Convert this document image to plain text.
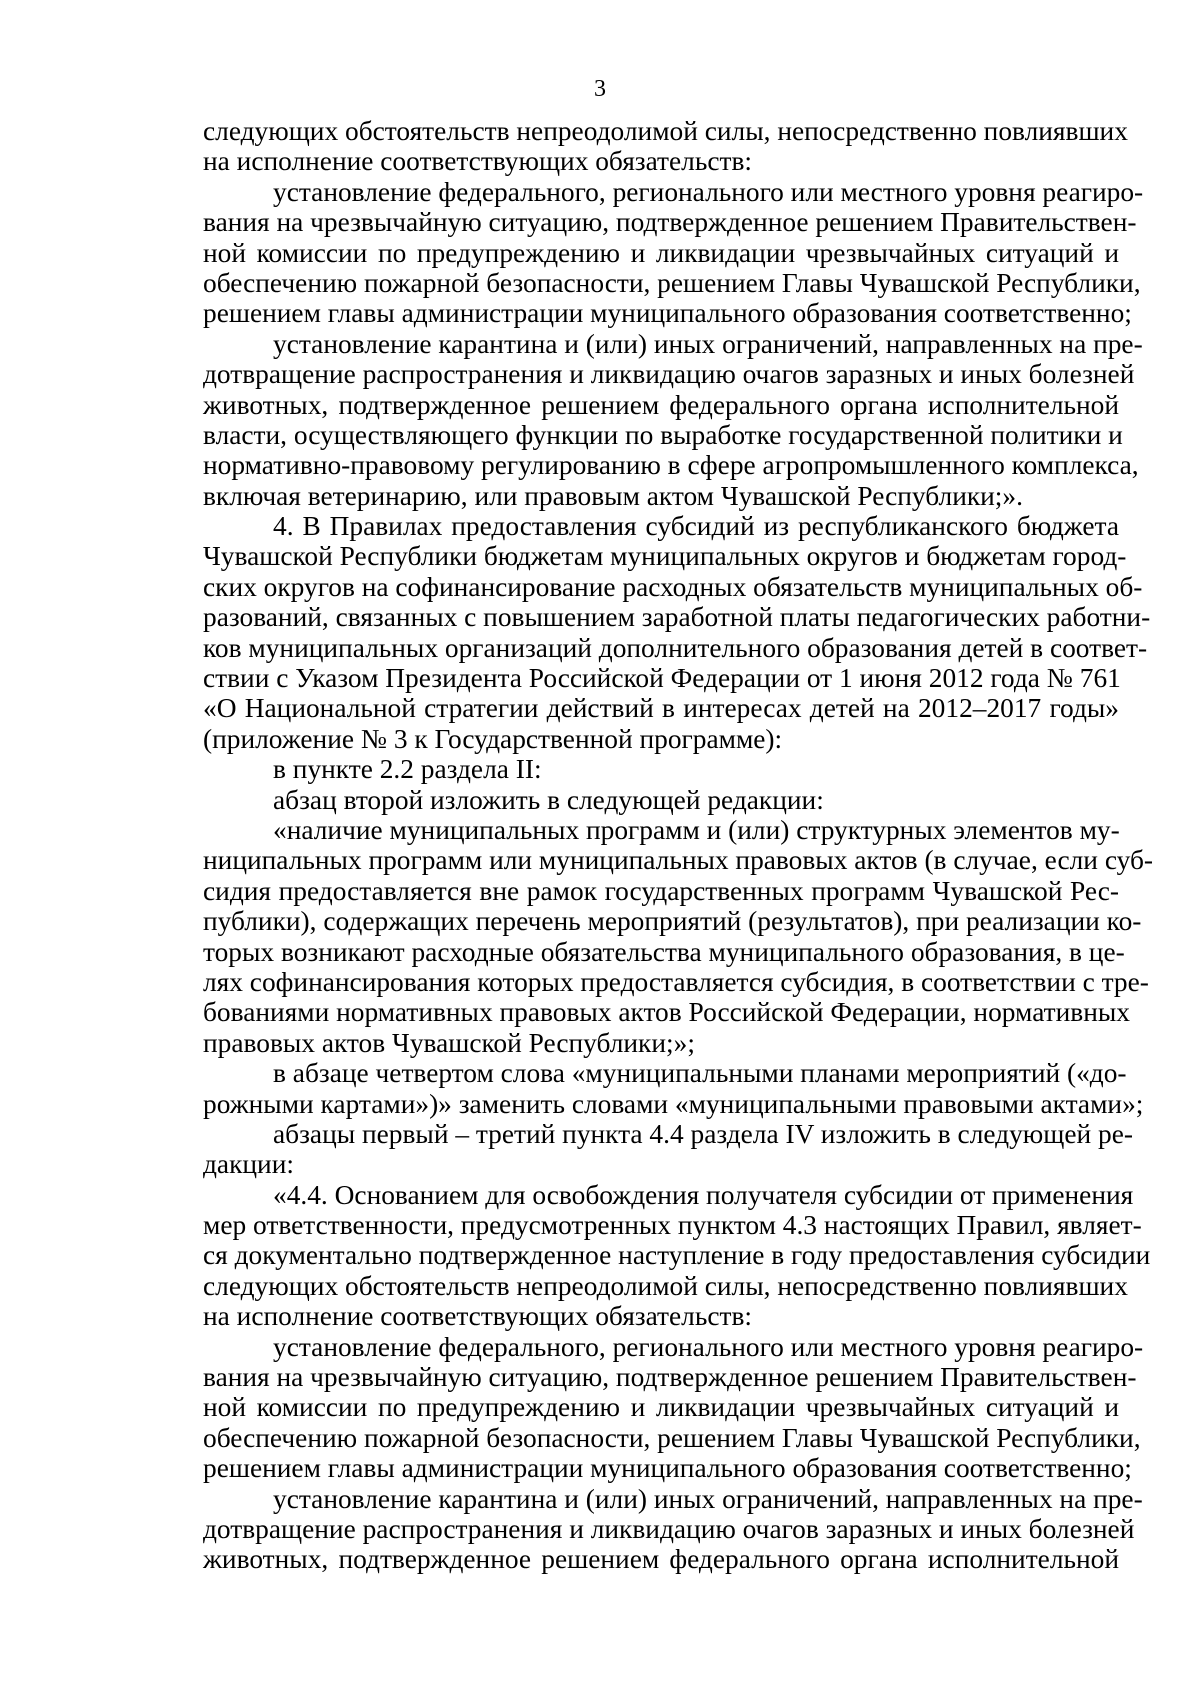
3
следующих обстоятельств непреодолимой силы, непосредственно повлиявших
на исполнение соответствующих обязательств:
установление федерального, регионального или местного уровня реагиро-
вания на чрезвычайную ситуацию, подтвержденное решением Правительствен-
ной комиссии по предупреждению и ликвидации чрезвычайных ситуаций и
обеспечению пожарной безопасности, решением Главы Чувашской Республики,
решением главы администрации муниципального образования соответственно;
установление карантина и (или) иных ограничений, направленных на пре-
дотвращение распространения и ликвидацию очагов заразных и иных болезней
животных, подтвержденное решением федерального органа исполнительной
власти, осуществляющего функции по выработке государственной политики и
нормативно-правовому регулированию в сфере агропромышленного комплекса,
включая ветеринарию, или правовым актом Чувашской Республики;».
4. В Правилах предоставления субсидий из республиканского бюджета
Чувашской Республики бюджетам муниципальных округов и бюджетам город-
ских округов на софинансирование расходных обязательств муниципальных об-
разований, связанных с повышением заработной платы педагогических работни-
ков муниципальных организаций дополнительного образования детей в соответ-
ствии с Указом Президента Российской Федерации от 1 июня 2012 года № 761
«О Национальной стратегии действий в интересах детей на 2012–2017 годы»
(приложение № 3 к Государственной программе):
в пункте 2.2 раздела II:
абзац второй изложить в следующей редакции:
«наличие муниципальных программ и (или) структурных элементов му-
ниципальных программ или муниципальных правовых актов (в случае, если суб-
сидия предоставляется вне рамок государственных программ Чувашской Рес-
публики), содержащих перечень мероприятий (результатов), при реализации ко-
торых возникают расходные обязательства муниципального образования, в це-
лях софинансирования которых предоставляется субсидия, в соответствии с тре-
бованиями нормативных правовых актов Российской Федерации, нормативных
правовых актов Чувашской Республики;»;
в абзаце четвертом слова «муниципальными планами мероприятий («до-
рожными картами»)» заменить словами «муниципальными правовыми актами»;
абзацы первый – третий пункта 4.4 раздела IV изложить в следующей ре-
дакции:
«4.4. Основанием для освобождения получателя субсидии от применения
мер ответственности, предусмотренных пунктом 4.3 настоящих Правил, являет-
ся документально подтвержденное наступление в году предоставления субсидии
следующих обстоятельств непреодолимой силы, непосредственно повлиявших
на исполнение соответствующих обязательств:
установление федерального, регионального или местного уровня реагиро-
вания на чрезвычайную ситуацию, подтвержденное решением Правительствен-
ной комиссии по предупреждению и ликвидации чрезвычайных ситуаций и
обеспечению пожарной безопасности, решением Главы Чувашской Республики,
решением главы администрации муниципального образования соответственно;
установление карантина и (или) иных ограничений, направленных на пре-
дотвращение распространения и ликвидацию очагов заразных и иных болезней
животных, подтвержденное решением федерального органа исполнительной
